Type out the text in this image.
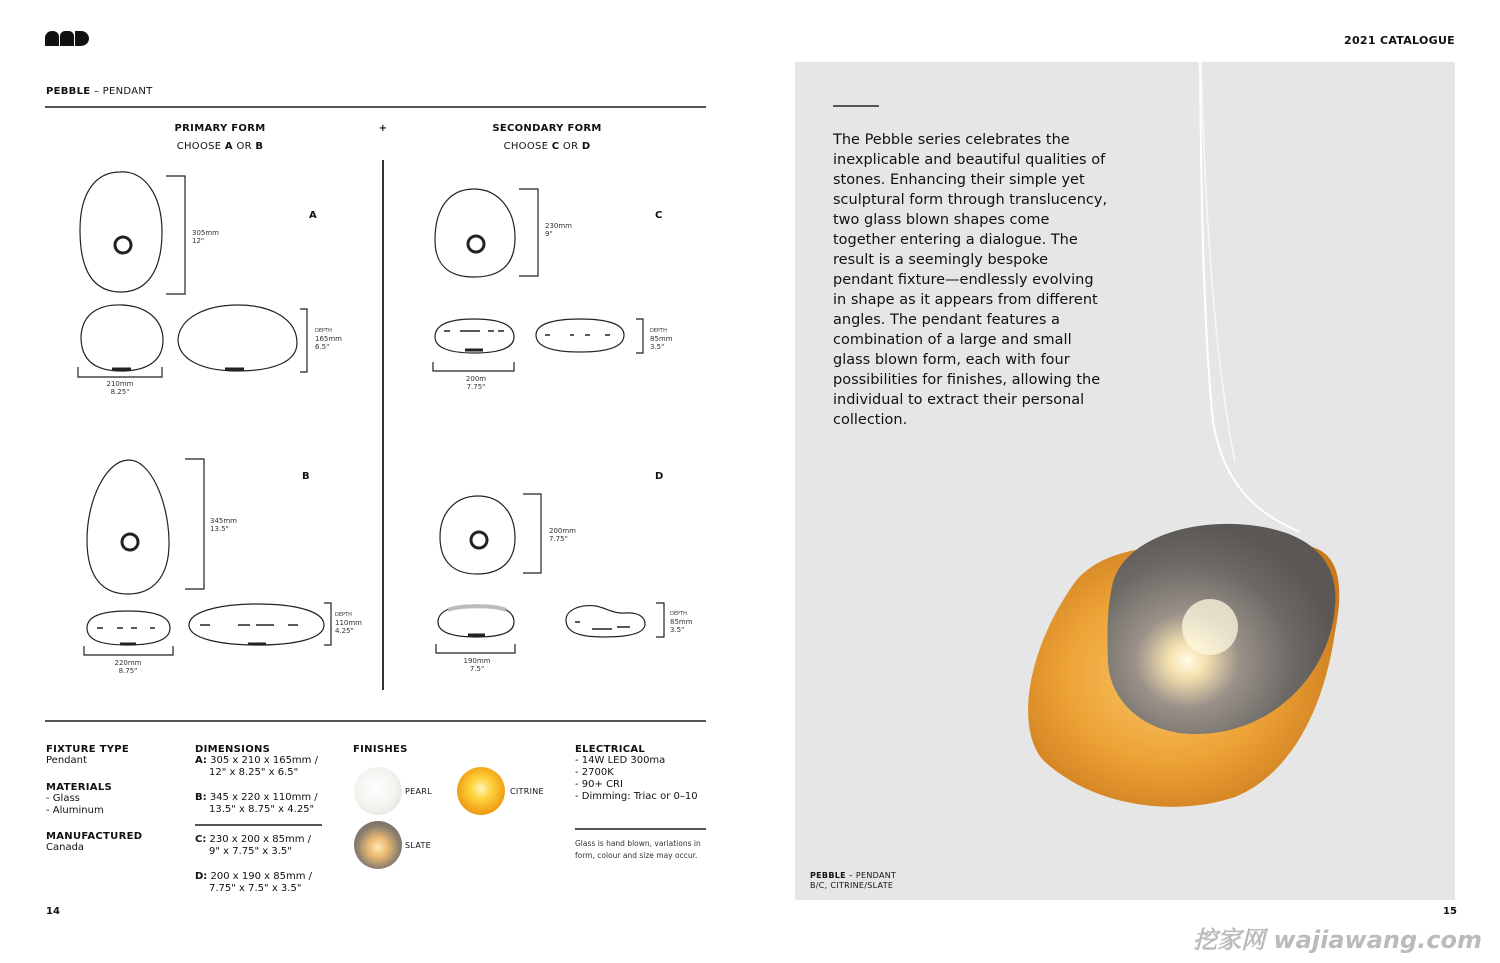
2021 CATALOGUE
PEBBLE – PENDANT
PRIMARY FORM
CHOOSE A OR B
+	SECONDARY FORM
CHOOSE C OR D
A
305mm
12"
DEPTH
165mm
6.5"
210mm
8.25"
B
345mm
13.5"
DEPTH
110mm
4.25"
220mm
8.75"
C
230mm
9"
DEPTH
85mm
3.5"
200m
7.75"
D
200mm
7.75"
DEPTH
85mm
3.5"
190mm
7.5"
FIXTURE TYPE
Pendant
MATERIALS
- Glass
- Aluminum
MANUFACTURED
Canada
DIMENSIONS
A: 305 x 210 x 165mm /
12" x 8.25" x 6.5"
B: 345 x 220 x 110mm /
13.5" x 8.75" x 4.25"
C: 230 x 200 x 85mm /
9" x 7.75" x 3.5"
D: 200 x 190 x 85mm /
7.75" x 7.5" x 3.5"
FINISHES
PEARL	CITRINE
SLATE
ELECTRICAL
- 14W LED 300ma
- 2700K
- 90+ CRI
- Dimming: Triac or 0–10
Glass is hand blown, variations in form, colour and size may occur.
14
The Pebble series celebrates the inexplicable and beautiful qualities of stones. Enhancing their simple yet sculptural form through translucency, two glass blown shapes come together entering a dialogue. The result is a seemingly bespoke pendant fixture—endlessly evolving in shape as it appears from different angles. The pendant features a combination of a large and small glass blown form, each with four possibilities for finishes, allowing the individual to extract their personal collection.
PEBBLE – PENDANT
B/C, CITRINE/SLATE
15
挖家网 wajiawang.com
